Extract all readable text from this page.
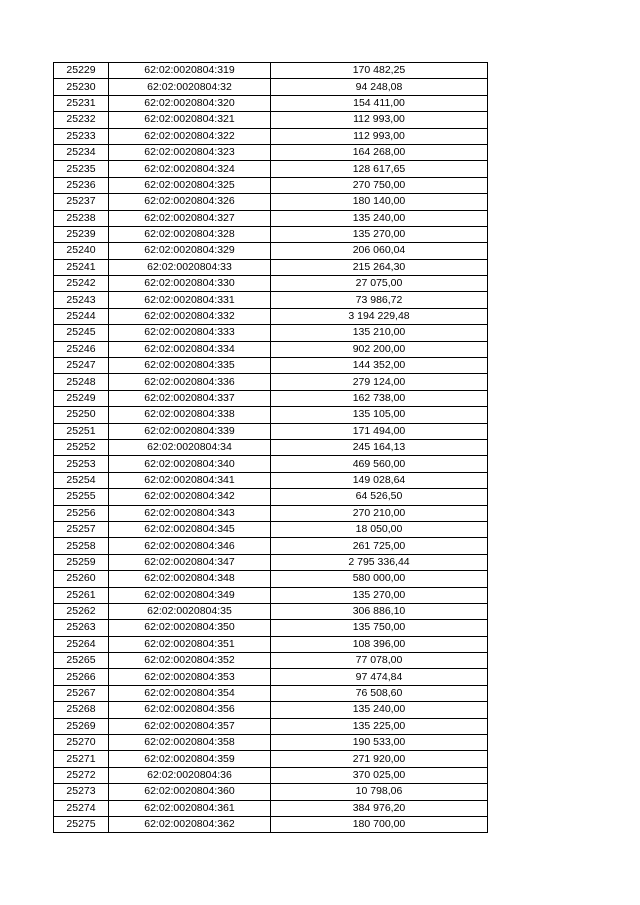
25229	62:02:0020804:319	170 482,25
25230	62:02:0020804:32	94 248,08
25231	62:02:0020804:320	154 411,00
25232	62:02:0020804:321	112 993,00
25233	62:02:0020804:322	112 993,00
25234	62:02:0020804:323	164 268,00
25235	62:02:0020804:324	128 617,65
25236	62:02:0020804:325	270 750,00
25237	62:02:0020804:326	180 140,00
25238	62:02:0020804:327	135 240,00
25239	62:02:0020804:328	135 270,00
25240	62:02:0020804:329	206 060,04
25241	62:02:0020804:33	215 264,30
25242	62:02:0020804:330	27 075,00
25243	62:02:0020804:331	73 986,72
25244	62:02:0020804:332	3 194 229,48
25245	62:02:0020804:333	135 210,00
25246	62:02:0020804:334	902 200,00
25247	62:02:0020804:335	144 352,00
25248	62:02:0020804:336	279 124,00
25249	62:02:0020804:337	162 738,00
25250	62:02:0020804:338	135 105,00
25251	62:02:0020804:339	171 494,00
25252	62:02:0020804:34	245 164,13
25253	62:02:0020804:340	469 560,00
25254	62:02:0020804:341	149 028,64
25255	62:02:0020804:342	64 526,50
25256	62:02:0020804:343	270 210,00
25257	62:02:0020804:345	18 050,00
25258	62:02:0020804:346	261 725,00
25259	62:02:0020804:347	2 795 336,44
25260	62:02:0020804:348	580 000,00
25261	62:02:0020804:349	135 270,00
25262	62:02:0020804:35	306 886,10
25263	62:02:0020804:350	135 750,00
25264	62:02:0020804:351	108 396,00
25265	62:02:0020804:352	77 078,00
25266	62:02:0020804:353	97 474,84
25267	62:02:0020804:354	76 508,60
25268	62:02:0020804:356	135 240,00
25269	62:02:0020804:357	135 225,00
25270	62:02:0020804:358	190 533,00
25271	62:02:0020804:359	271 920,00
25272	62:02:0020804:36	370 025,00
25273	62:02:0020804:360	10 798,06
25274	62:02:0020804:361	384 976,20
25275	62:02:0020804:362	180 700,00
